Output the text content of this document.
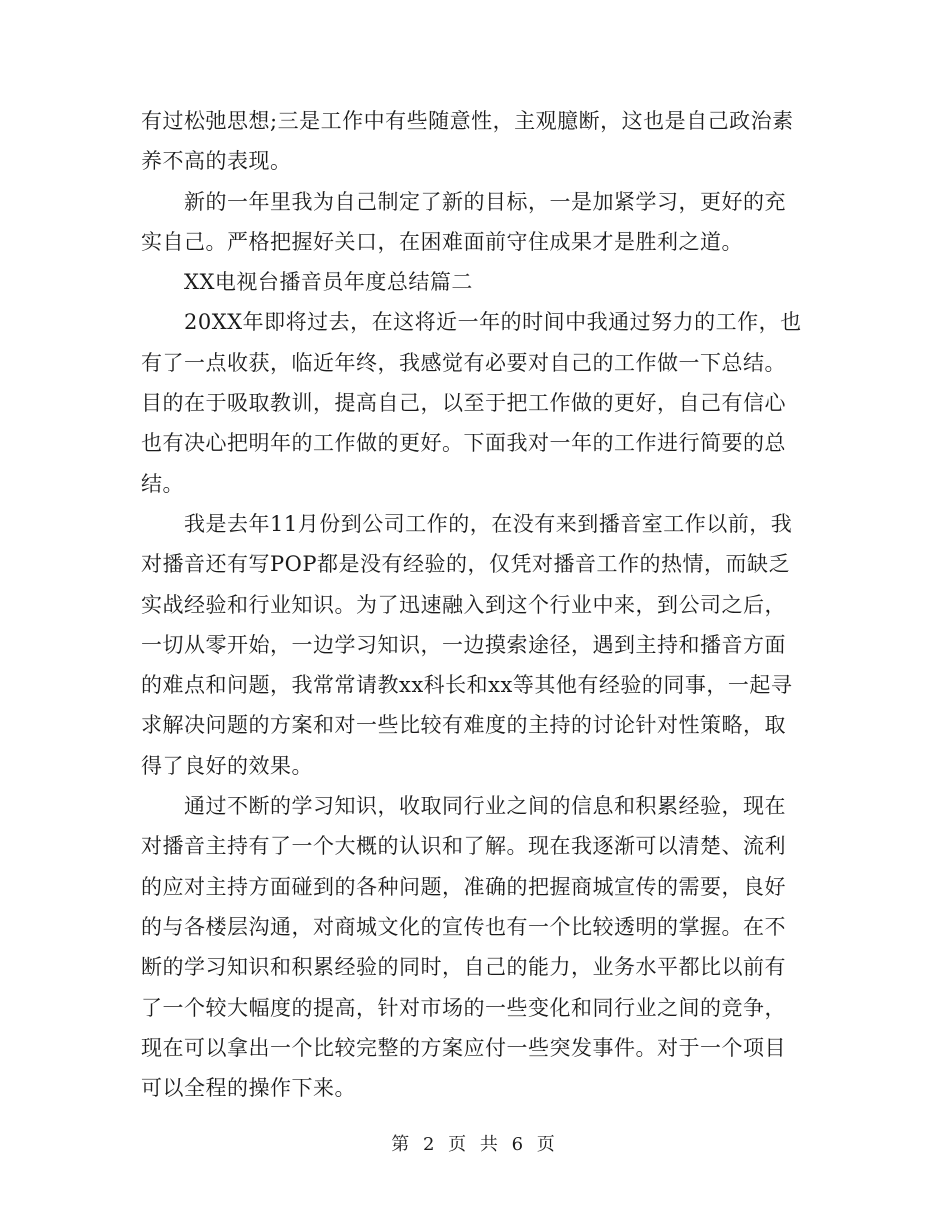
有过松弛思想;三是工作中有些随意性，主观臆断，这也是自己政治素

养不高的表现。

　　新的一年里我为自己制定了新的目标，一是加紧学习，更好的充

实自己。严格把握好关口，在困难面前守住成果才是胜利之道。

　　XX电视台播音员年度总结篇二

　　20XX年即将过去，在这将近一年的时间中我通过努力的工作，也

有了一点收获，临近年终，我感觉有必要对自己的工作做一下总结。

目的在于吸取教训，提高自己，以至于把工作做的更好，自己有信心

也有决心把明年的工作做的更好。下面我对一年的工作进行简要的总

结。

　　我是去年11月份到公司工作的，在没有来到播音室工作以前，我

对播音还有写POP都是没有经验的，仅凭对播音工作的热情，而缺乏

实战经验和行业知识。为了迅速融入到这个行业中来，到公司之后，

一切从零开始，一边学习知识，一边摸索途径，遇到主持和播音方面

的难点和问题，我常常请教xx科长和xx等其他有经验的同事，一起寻

求解决问题的方案和对一些比较有难度的主持的讨论针对性策略，取

得了良好的效果。

　　通过不断的学习知识，收取同行业之间的信息和积累经验，现在

对播音主持有了一个大概的认识和了解。现在我逐渐可以清楚、流利

的应对主持方面碰到的各种问题，准确的把握商城宣传的需要，良好

的与各楼层沟通，对商城文化的宣传也有一个比较透明的掌握。在不

断的学习知识和积累经验的同时，自己的能力，业务水平都比以前有

了一个较大幅度的提高，针对市场的一些变化和同行业之间的竞争，

现在可以拿出一个比较完整的方案应付一些突发事件。对于一个项目

可以全程的操作下来。

第 2 页 共 6 页
